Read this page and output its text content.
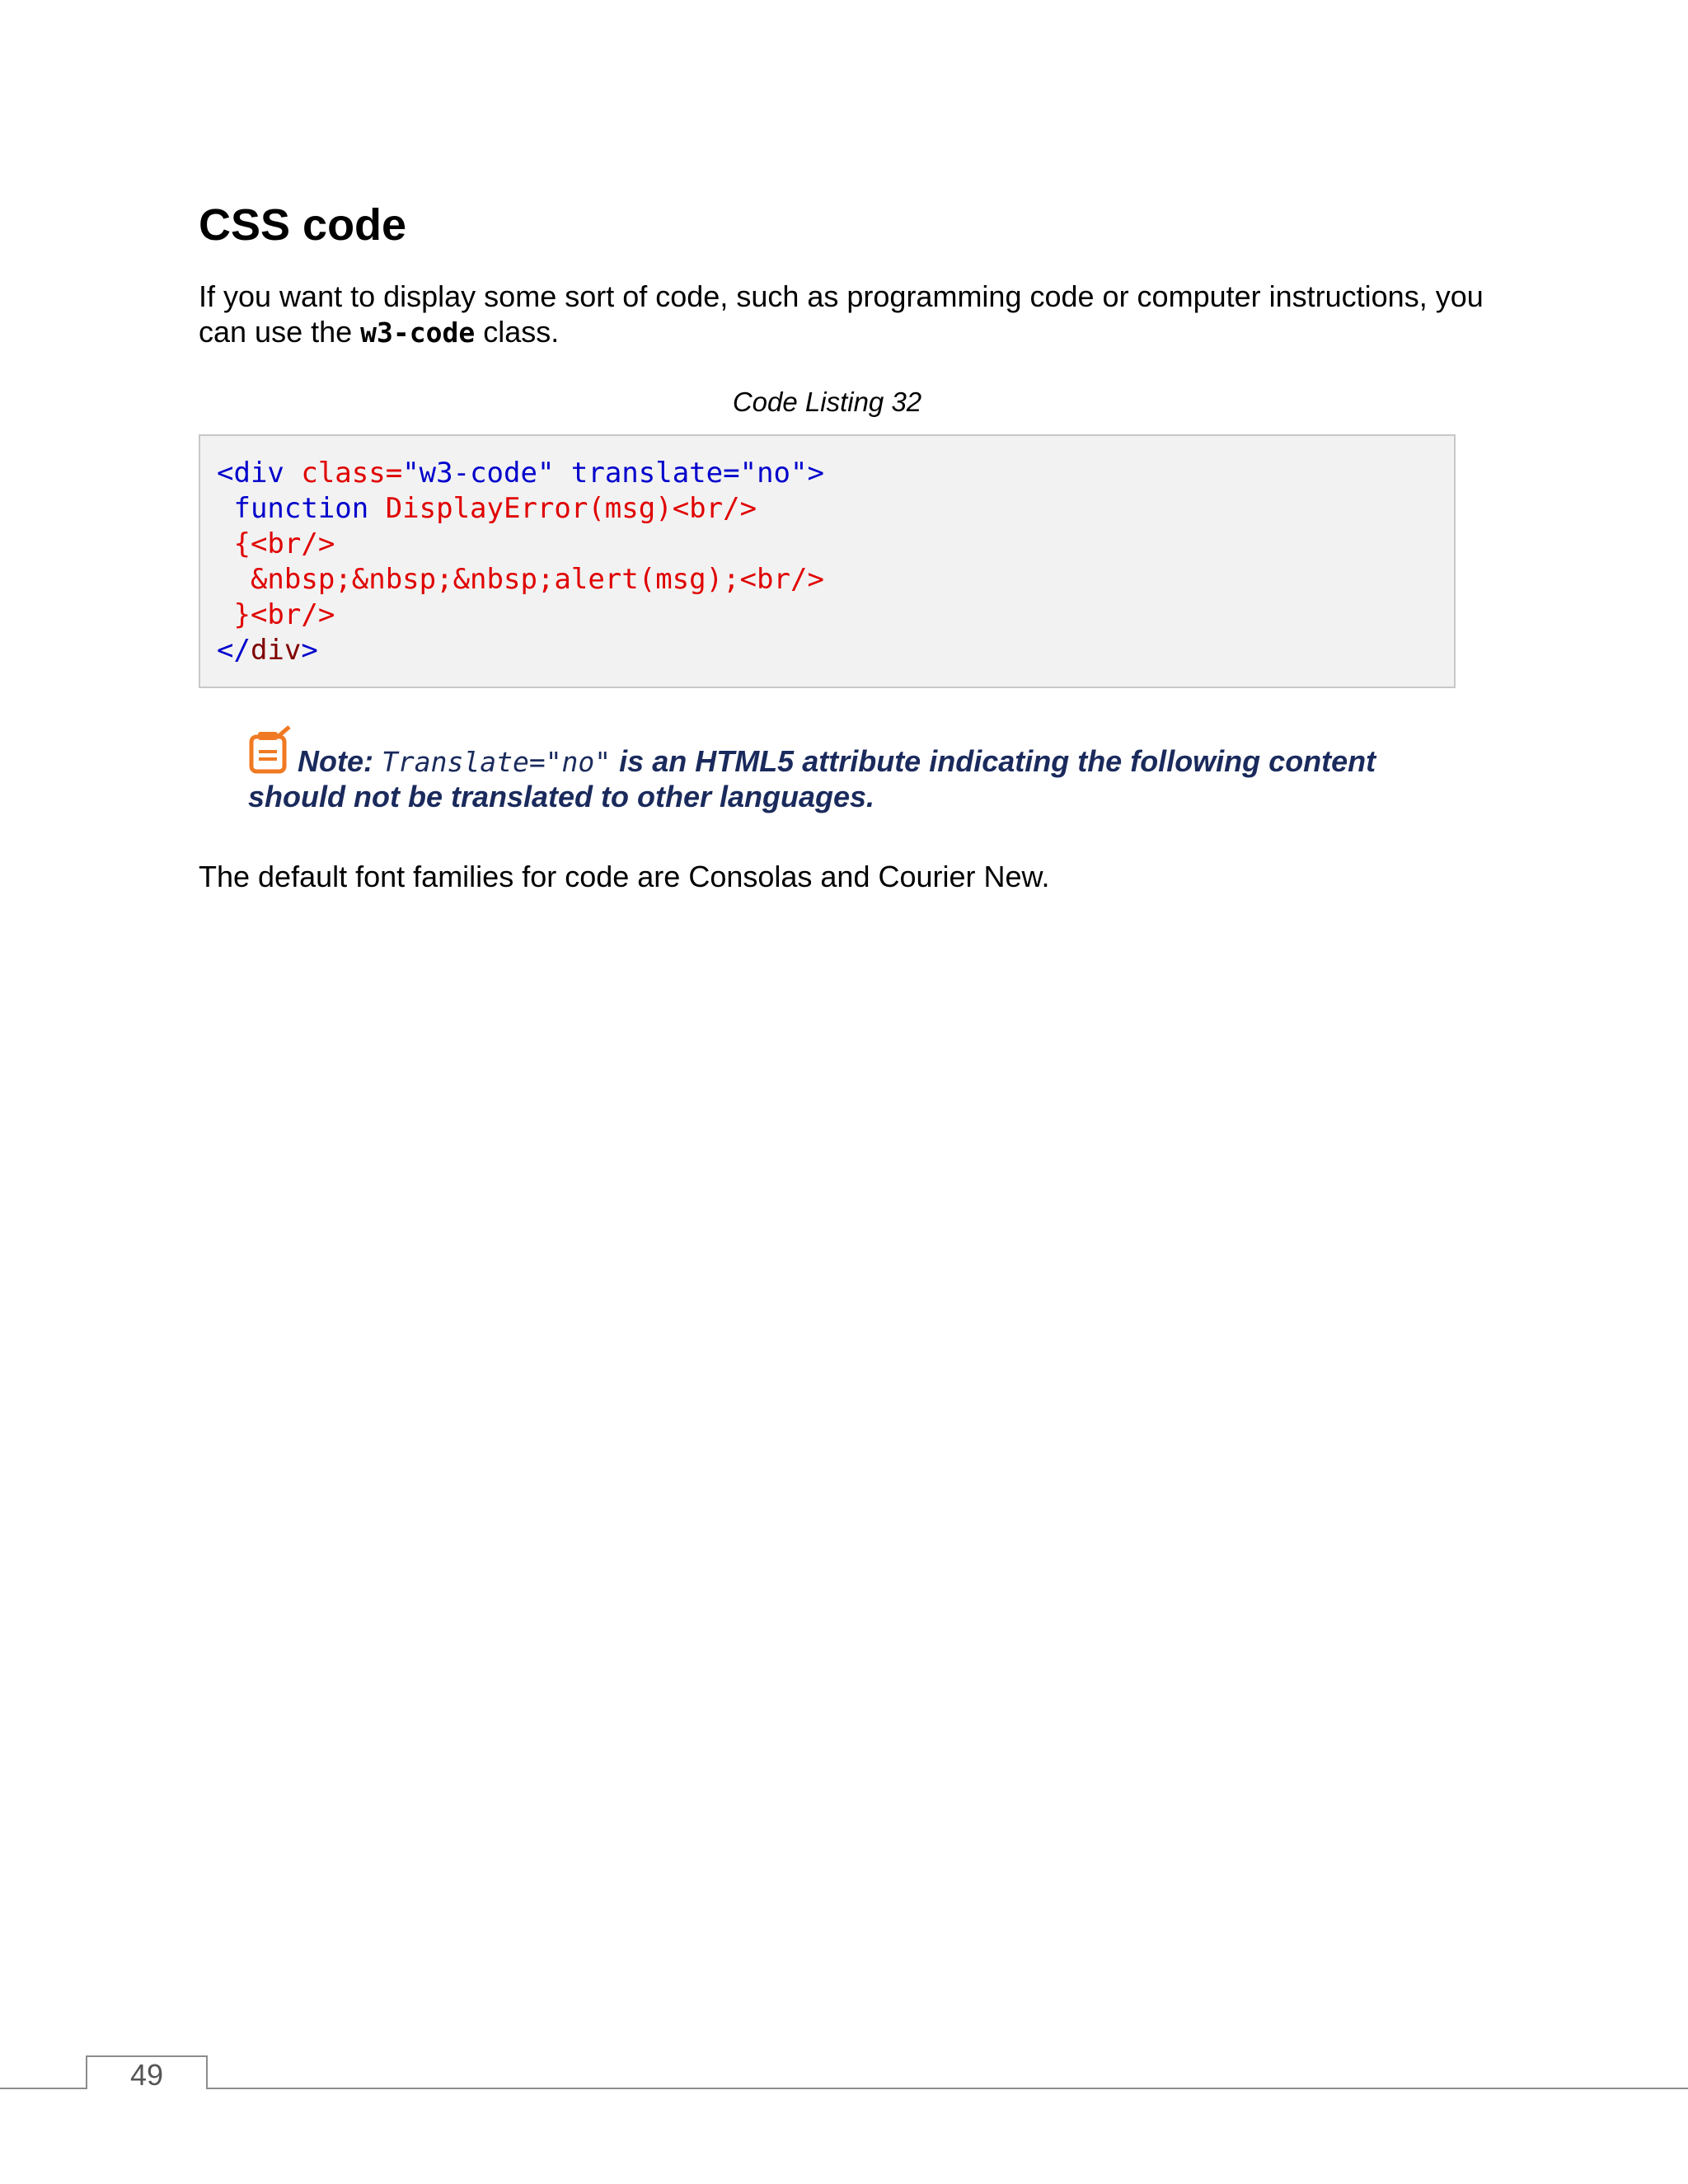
CSS code

If you want to display some sort of code, such as programming code or computer instructions, you can use the w3-code class.

Code Listing 32
<div class="w3-code" translate="no">
function DisplayError(msg)<br/>
{<br/>
&nbsp;&nbsp;&nbsp;alert(msg);<br/>
}<br/>
</div>
Note: Translate="no" is an HTML5 attribute indicating the following content should not be translated to other languages.

The default font families for code are Consolas and Courier New.

49
